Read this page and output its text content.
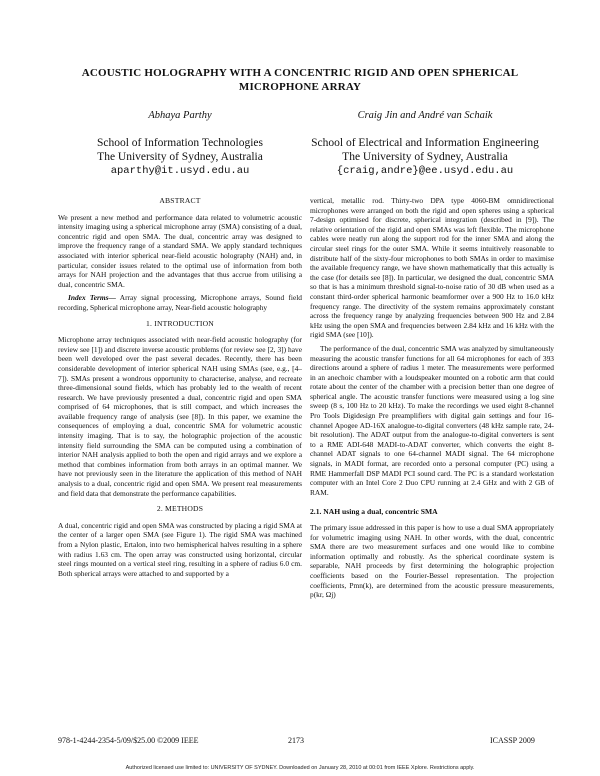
ACOUSTIC HOLOGRAPHY WITH A CONCENTRIC RIGID AND OPEN SPHERICAL MICROPHONE ARRAY
Abhaya Parthy	Craig Jin and André van Schaik
School of Information Technologies
The University of Sydney, Australia
aparthy@it.usyd.edu.au
School of Electrical and Information Engineering
The University of Sydney, Australia
{craig,andre}@ee.usyd.edu.au
ABSTRACT

We present a new method and performance data related to volumetric acoustic intensity imaging using a spherical microphone array (SMA) consisting of a dual, concentric rigid and open SMA. The dual, concentric array was designed to improve the frequency range of a standard SMA. We apply standard techniques associated with interior spherical near-field acoustic holography (NAH) and, in particular, consider issues related to the optimal use of information from both arrays for NAH projection and the advantages that thus accrue from utilising a dual, concentric SMA.

Index Terms— Array signal processing, Microphone arrays, Sound field recording, Spherical microphone array, Near-field acoustic holography

1. INTRODUCTION

Microphone array techniques associated with near-field acoustic holography (for review see [1]) and discrete inverse acoustic problems (for review see [2, 3]) have been well developed over the past several decades. Recently, there has been considerable development of interior spherical NAH using SMAs (see, e.g., [4–7]). SMAs present a wondrous opportunity to characterise, analyse, and recreate three-dimensional sound fields, which has probably led to the wealth of recent research. We have previously presented a dual, concentric rigid and open SMA comprised of 64 microphones, that is still compact, and which increases the available frequency range of analysis (see [8]). In this paper, we examine the consequences of employing a dual, concentric SMA for volumetric acoustic intensity imaging. That is to say, the holographic projection of the acoustic intensity field surrounding the SMA can be computed using a combination of interior NAH analysis applied to both the open and rigid arrays and we explore a method that combines information from both arrays in an optimal manner. We have not previously seen in the literature the application of this method of NAH analysis to a dual, concentric rigid and open SMA. We present real measurements and field data that demonstrate the performance capabilities.

2. METHODS

A dual, concentric rigid and open SMA was constructed by placing a rigid SMA at the center of a larger open SMA (see Figure 1). The rigid SMA was machined from a Nylon plastic, Ertalon, into two hemispherical halves resulting in a sphere with radius 1.63 cm. The open array was constructed using horizontal, circular steel rings mounted on a vertical steel ring, resulting in a sphere of radius 6.0 cm. Both spherical arrays were attached to and supported by a

vertical, metallic rod. Thirty-two DPA type 4060-BM omnidirectional microphones were arranged on both the rigid and open spheres using a spherical 7-design optimised for discrete, spherical integration (described in [9]). The relative orientation of the rigid and open SMAs was left flexible. The microphone cables were neatly run along the support rod for the inner SMA and along the circular steel rings for the outer SMA. While it seems intuitively reasonable to distribute half of the sixty-four microphones to both SMAs in order to maximise the available frequency range, we have shown mathematically that this actually is the case (for details see [8]). In particular, we designed the dual, concentric SMA so that is has a minimum threshold signal-to-noise ratio of 30 dB when used as a constant third-order spherical harmonic beamformer over a 900 Hz to 16.0 kHz frequency range. The directivity of the system remains approximately constant across the frequency range by analyzing frequencies between 900 Hz and 2.84 kHz using the open SMA and frequencies between 2.84 kHz and 16 kHz with the rigid SMA (see [10]).

The performance of the dual, concentric SMA was analyzed by simultaneously measuring the acoustic transfer functions for all 64 microphones for each of 393 directions around a sphere of radius 1 meter. The measurements were performed in an anechoic chamber with a loudspeaker mounted on a robotic arm that could rotate about the center of the chamber with a precision better than one degree of spherical angle. The acoustic transfer functions were measured using a log sine sweep (8 s, 100 Hz to 20 kHz). To make the recordings we used eight 8-channel Pro Tools Digidesign Pre preamplifiers with digital gain settings and four 16-channel Apogee AD-16X analogue-to-digital converters (48 kHz sample rate, 24-bit resolution). The ADAT output from the analogue-to-digital converters is sent to a RME ADI-648 MADI-to-ADAT converter, which converts the eight 8-channel ADAT signals to one 64-channel MADI signal. The 64 microphone signals, in MADI format, are recorded onto a personal computer (PC) using a RME Hammerfall DSP MADI PCI sound card. The PC is a standard workstation computer with an Intel Core 2 Duo CPU running at 2.4 GHz and with 2 GB of RAM.

2.1. NAH using a dual, concentric SMA

The primary issue addressed in this paper is how to use a dual SMA appropriately for volumetric imaging using NAH. In other words, with the dual, concentric SMA there are two measurement surfaces and one would like to combine information optimally and robustly. As the spherical coordinate system is separable, NAH proceeds by first determining the holographic projection coefficients based on the Fourier-Bessel representation. The projection coefficients, Pmn(k), are determined from the acoustic pressure measurements, p(kr, Ωj)

978-1-4244-2354-5/09/$25.00 ©2009 IEEE	2173	ICASSP 2009
Authorized licensed use limited to: UNIVERSITY OF SYDNEY. Downloaded on January 28, 2010 at 00:01 from IEEE Xplore. Restrictions apply.
